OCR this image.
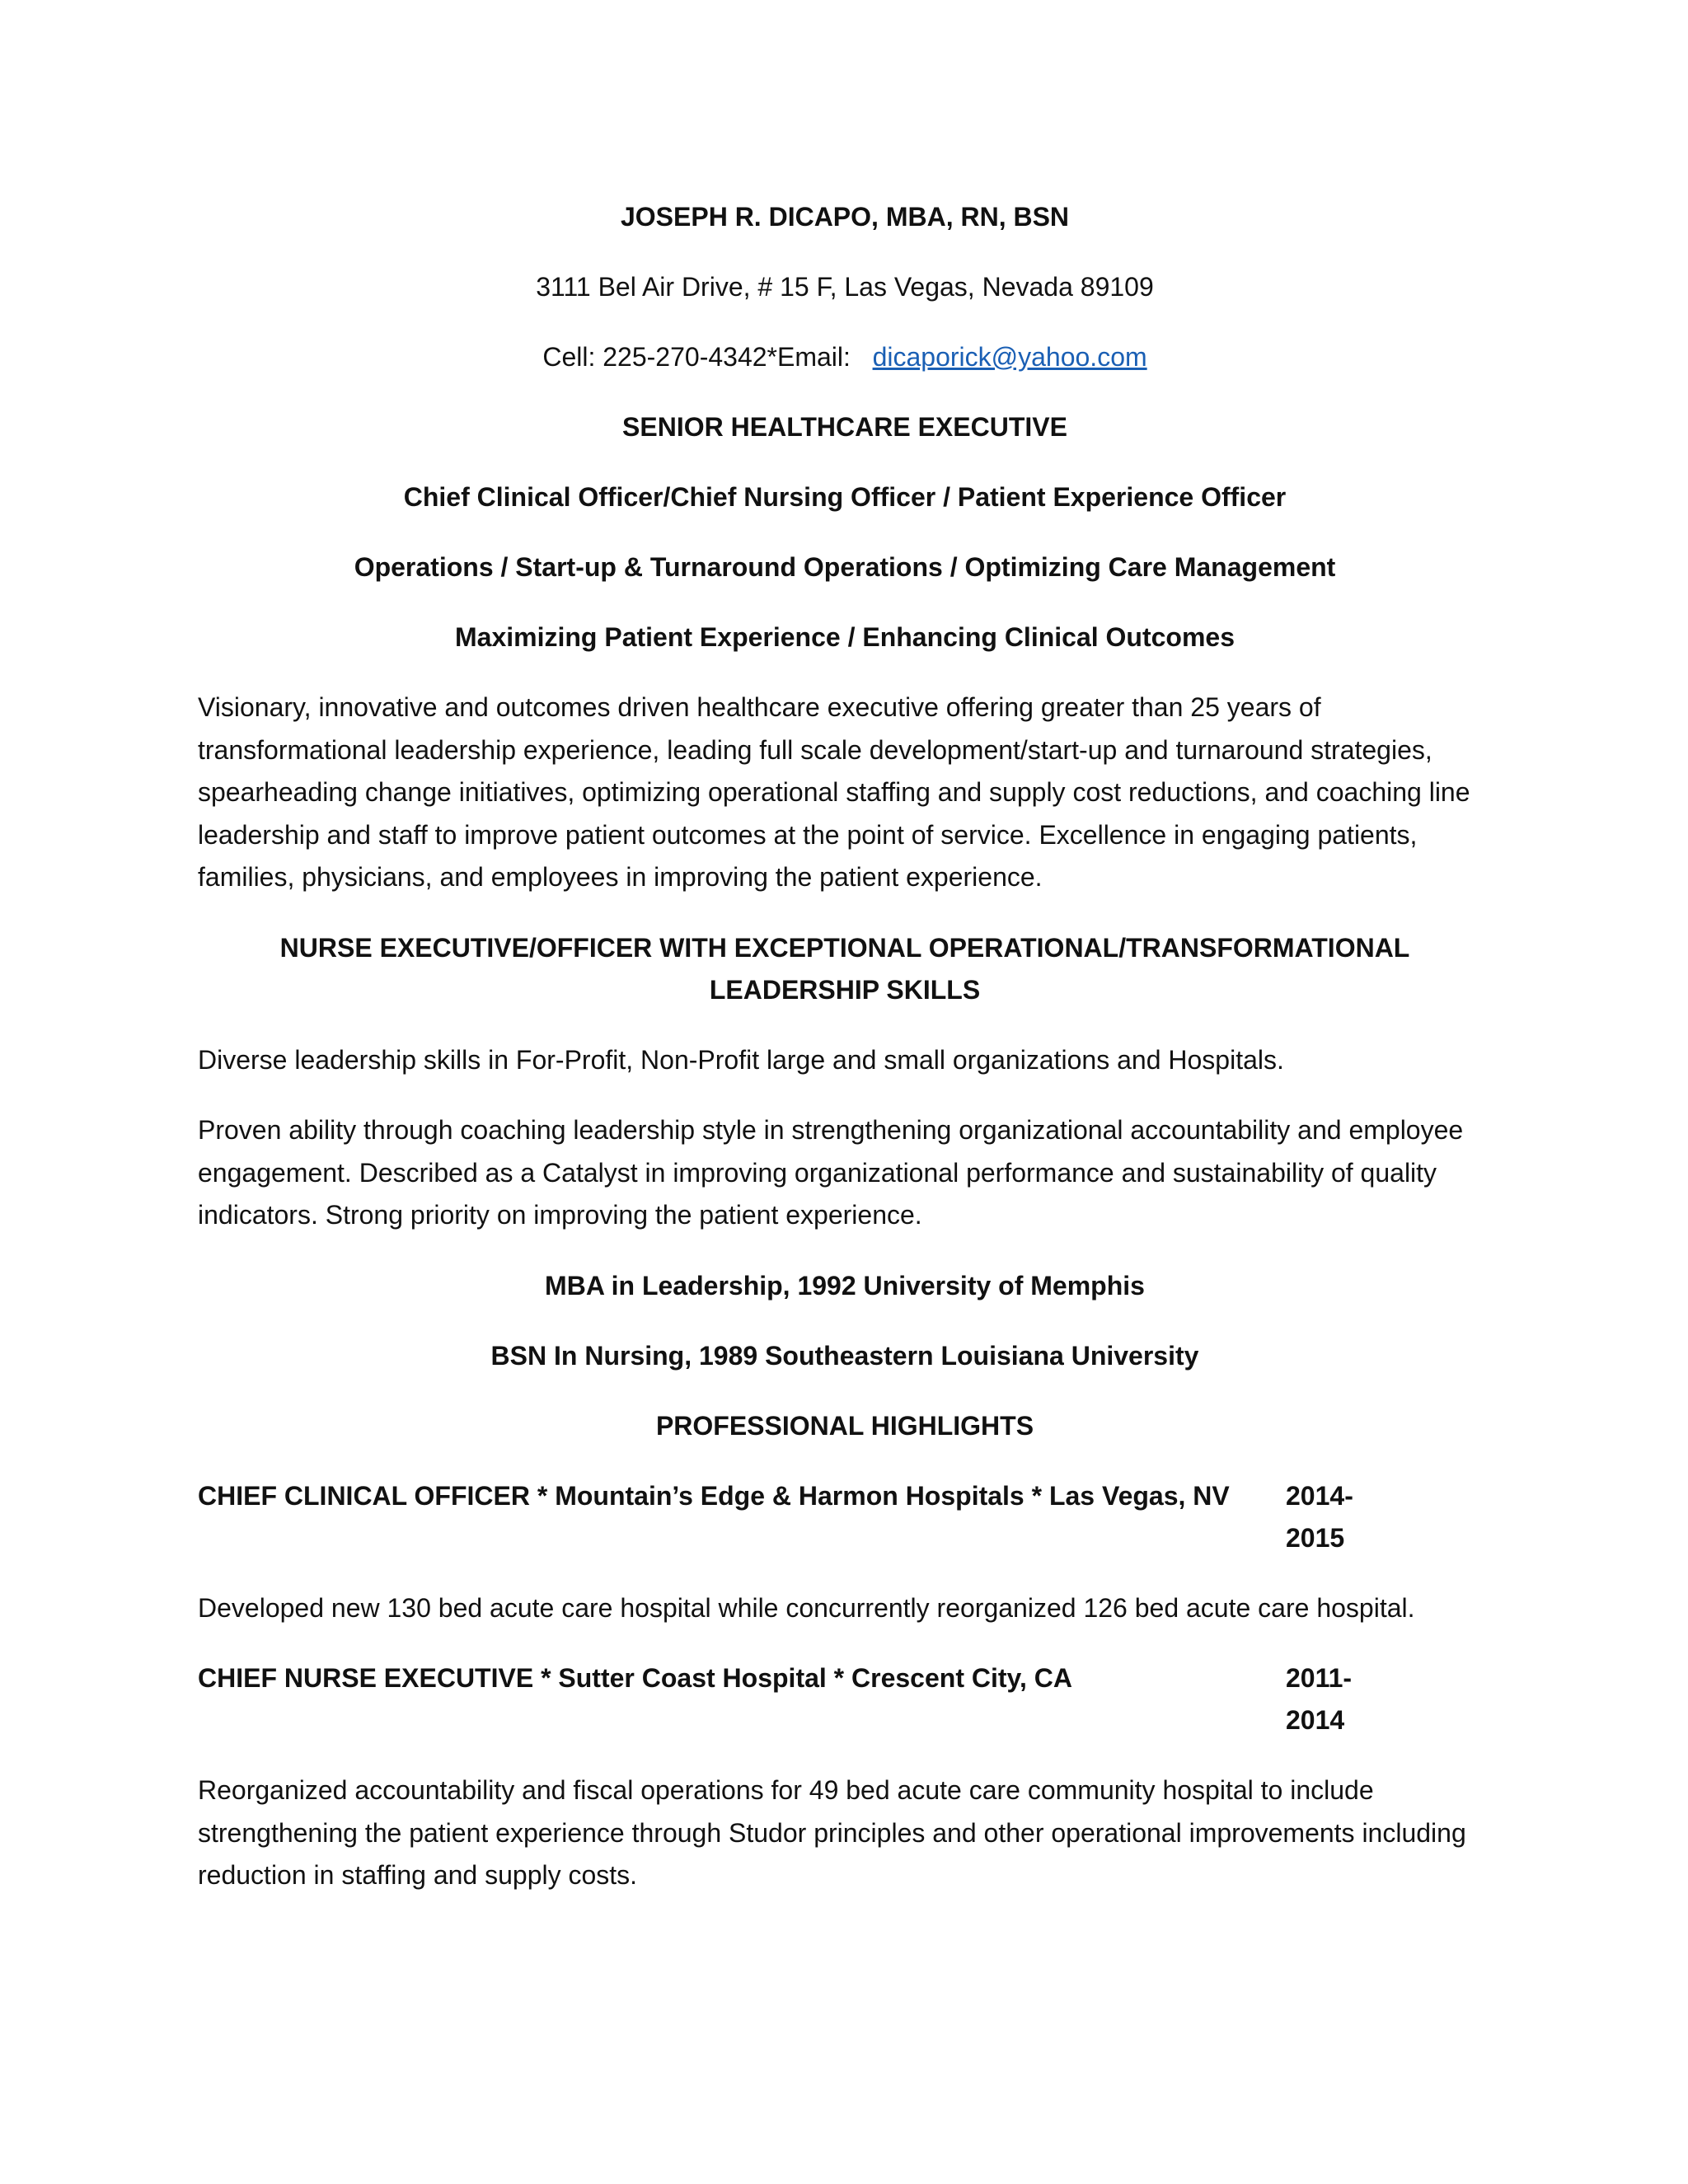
JOSEPH R. DICAPO, MBA, RN, BSN

3111 Bel Air Drive, # 15 F, Las Vegas, Nevada 89109

Cell: 225-270-4342*Email: dicaporick@yahoo.com

SENIOR HEALTHCARE EXECUTIVE

Chief Clinical Officer/Chief Nursing Officer / Patient Experience Officer

Operations / Start-up & Turnaround Operations / Optimizing Care Management

Maximizing Patient Experience / Enhancing Clinical Outcomes

Visionary, innovative and outcomes driven healthcare executive offering greater than 25 years of transformational leadership experience, leading full scale development/start-up and turnaround strategies, spearheading change initiatives, optimizing operational staffing and supply cost reductions, and coaching line leadership and staff to improve patient outcomes at the point of service. Excellence in engaging patients, families, physicians, and employees in improving the patient experience.

NURSE EXECUTIVE/OFFICER WITH EXCEPTIONAL OPERATIONAL/TRANSFORMATIONAL LEADERSHIP SKILLS

Diverse leadership skills in For-Profit, Non-Profit large and small organizations and Hospitals.

Proven ability through coaching leadership style in strengthening organizational accountability and employee engagement. Described as a Catalyst in improving organizational performance and sustainability of quality indicators. Strong priority on improving the patient experience.

MBA in Leadership, 1992 University of Memphis

BSN In Nursing, 1989 Southeastern Louisiana University

PROFESSIONAL HIGHLIGHTS

CHIEF CLINICAL OFFICER * Mountain’s Edge & Harmon Hospitals * Las Vegas, NV 2014-2015

Developed new 130 bed acute care hospital while concurrently reorganized 126 bed acute care hospital.

CHIEF NURSE EXECUTIVE * Sutter Coast Hospital * Crescent City, CA	2011-2014

Reorganized accountability and fiscal operations for 49 bed acute care community hospital to include strengthening the patient experience through Studor principles and other operational improvements including reduction in staffing and supply costs.
